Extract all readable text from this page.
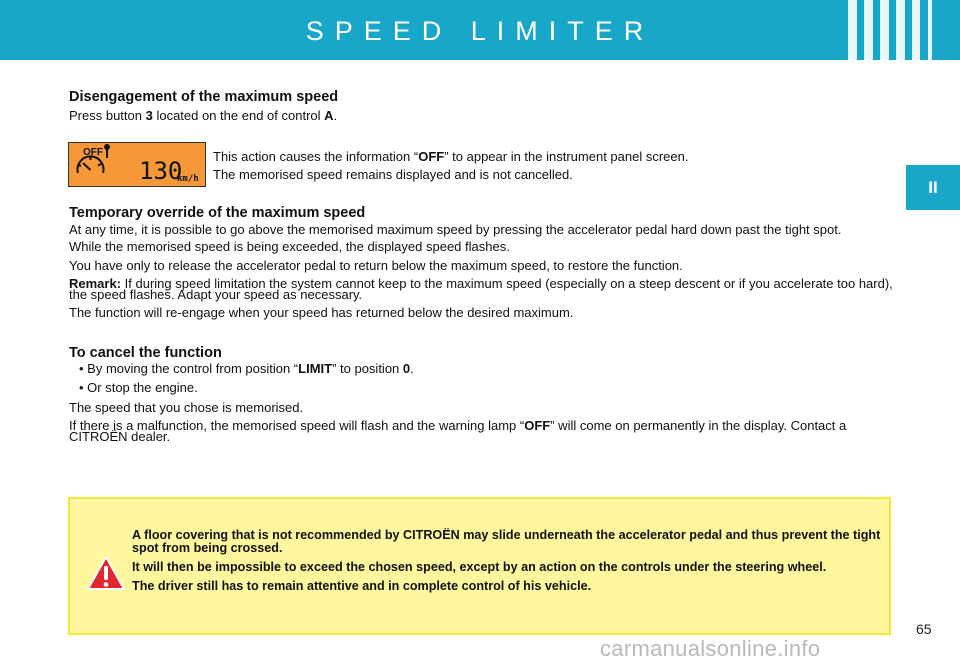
SPEED LIMITER
II

Disengagement of the maximum speed

Press button 3 located on the end of control A.

OFF
130
km/h

This action causes the information “OFF” to appear in the instrument panel screen.

The memorised speed remains displayed and is not cancelled.

Temporary override of the maximum speed

At any time, it is possible to go above the memorised maximum speed by pressing the accelerator pedal hard down past the tight spot.

While the memorised speed is being exceeded, the displayed speed flashes.

You have only to release the accelerator pedal to return below the maximum speed, to restore the function.

Remark: If during speed limitation the system cannot keep to the maximum speed (especially on a steep descent or if you accelerate too hard), the speed flashes. Adapt your speed as necessary.

The function will re-engage when your speed has returned below the desired maximum.

To cancel the function

• By moving the control from position “LIMIT” to position 0.

• Or stop the engine.

The speed that you chose is memorised.

If there is a malfunction, the memorised speed will flash and the warning lamp “OFF” will come on permanently in the display. Contact a CITROËN dealer.

A floor covering that is not recommended by CITROËN may slide underneath the accelerator pedal and thus prevent the tight spot from being crossed.

It will then be impossible to exceed the chosen speed, except by an action on the controls under the steering wheel.

The driver still has to remain attentive and in complete control of his vehicle.

65
carmanualsonline.info
